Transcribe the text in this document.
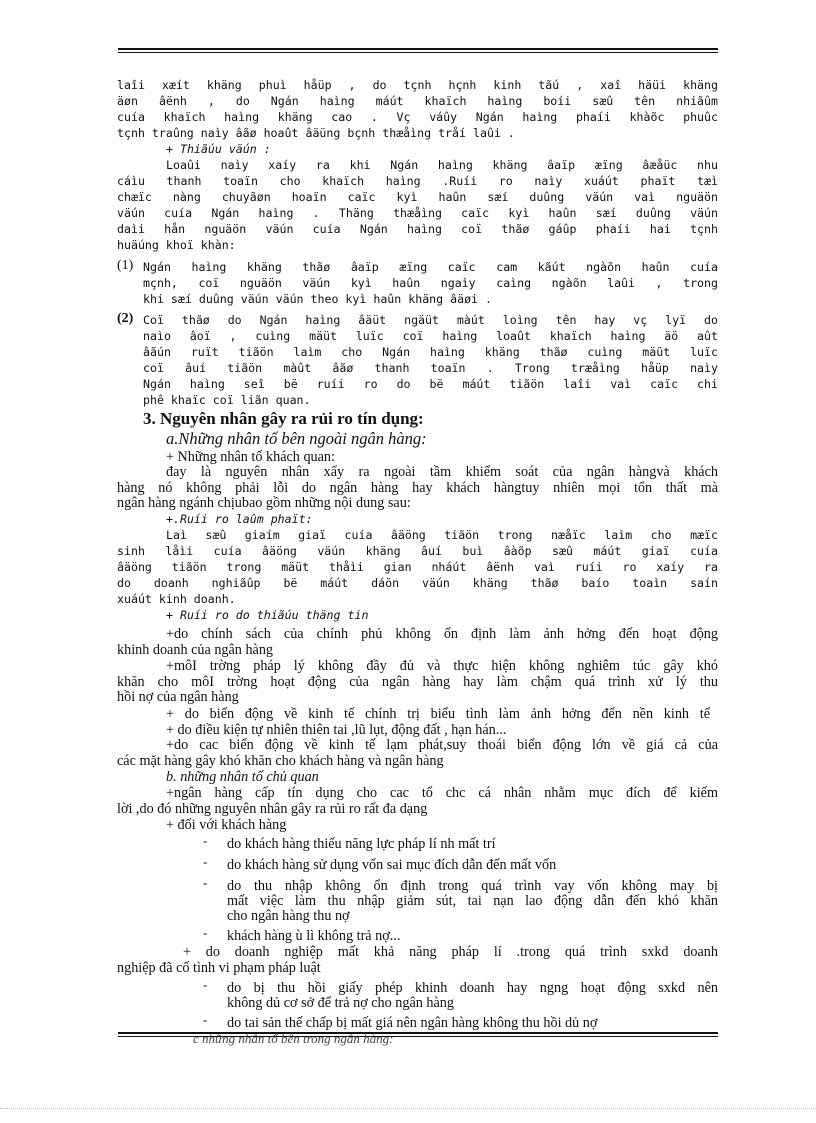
laîi xæít khäng phuì håüp , do tçnh hçnh kinh tãú , xaî häüi khäng
äøn âënh , do Ngán haìng máút khaïch haìng boíi sæû tên nhiãûm
cuía khaïch haìng khäng cao . Vç váûy Ngán haìng phaíi khàõc phuûc
tçnh traûng naìy âãø hoaût âäüng bçnh thæåìng tråí laûi .
+ Thiãúu väún :
Loaûi naìy xaíy ra khi Ngán haìng khäng âaïp æïng âæåüc nhu
cáìu thanh toaïn cho khaïch haìng .Ruíi ro naìy xuáút phaït tæì
chæïc nàng chuyãøn hoaïn caïc kyì haûn sæí duûng väún vaì nguäön
väún cuía Ngán haìng . Thäng thæåìng caïc kyì haûn sæí duûng väún
daìi hån nguäön väún cuía Ngán haìng coï thãø gáûp phaíi hai tçnh
huäúng khoï khàn:
(1) Ngán haìng khäng thãø âaïp æïng caïc cam kãút ngàõn haûn cuía
mçnh, coï nguäön väún kyì haûn ngaìy caìng ngàõn laûi , trong
khi sæí duûng väún väún theo kyì haûn khäng âäøi .
(2) Coï thãø do Ngán haìng âäüt ngäüt màút loìng tên hay vç lyï do
naìo âoï , cuìng mäüt luïc coï haìng loaût khaïch haìng äö aût
âãún ruït tiãön laìm cho Ngán haìng khäng thãø cuìng mäüt luïc
coï âuí tiãön màût âãø thanh toaïn . Trong træåìng håüp naìy
Ngán haìng seî bë ruíi ro do bë máút tiãön laîi vaì caïc chi
phê khaïc coï liãn quan.
3. Nguyên nhân gây ra rủi ro tín dụng:
a.Những nhân tố bên ngoài ngân hàng:
+ Những nhân tố khách quan:
đay là nguyên nhân xẩy ra ngoài tầm khiểm soát của ngân hàngvà khách
hàng nó không phải lỗi do ngân hàng hay khách hàngtuy nhiên mọi tổn thất mà
ngân hàng ngánh chịubao gồm những nội dung sau:
+.Ruíi ro laûm phaït:
Laì sæû giaím giaï cuía âäöng tiãön trong næåïc laìm cho mæïc
sinh låìi cuía âäöng väún khäng âuí buì âàõp sæû máút giaï cuía
âäöng tiãön trong mäüt thåìi gian nháút âënh vaì ruíi ro xaíy ra
do doanh nghiãûp bë máút dáön väún khäng thãø baío toaìn saín
xuáút kinh doanh.
+ Ruíi ro do thiãúu thäng tin
+do chính sách của chính phủ không ổn định làm ảnh hởng đến hoạt động
khinh doanh của ngân hàng
+môI trờng pháp lý không đầy đủ và thực hiện không nghiêm túc gây khó
khăn cho môI trờng hoạt động của ngân hàng hay làm chậm quá trình xử lý thu
hồi nợ của ngân hàng
+ do biến động về kinh tế chính trị biểu tình làm ảnh hởng đến nền kinh tế
+ do điều kiện tự nhiên thiên tai ,lũ lụt, động đất , hạn hán...
+do cac biến động về kinh tế lạm phát,suy thoái biến động lớn về giá cả của
các mặt hàng gây khó khăn cho khách hàng và ngân hàng
b. những nhân tố chủ quan
+ngân hàng cấp tín dụng cho cac tổ chc cá nhân nhằm mục đích để kiếm
lời ,do đó những nguyên nhân gây ra rủi ro rất đa dạng
+ đối với khách hàng
- do khách hàng thiếu năng lực pháp lí nh mất trí
- do khách hàng sử dụng vốn sai mục đích dẫn đến mất vốn
- do thu nhập không ổn định trong quá trình vay vốn không may bị
mất việc làm thu nhập giảm sút, tai nạn lao động dẫn đến khó khăn
cho ngân hàng thu nợ
- khách hàng ù lì không trả nợ...
+ do doanh nghiệp mất khả năng pháp lí .trong quá trình sxkd doanh
nghiệp đã cố tình vi phạm pháp luật
- do bị thu hồi giấy phép khinh doanh hay ngng hoạt động sxkd nên
không dủ cơ sở để trả nợ cho ngân hàng
- do tai sản thế chấp bị mất giá nên ngân hàng không thu hồi dủ nợ
c những nhân tố bên trong ngân hàng:
